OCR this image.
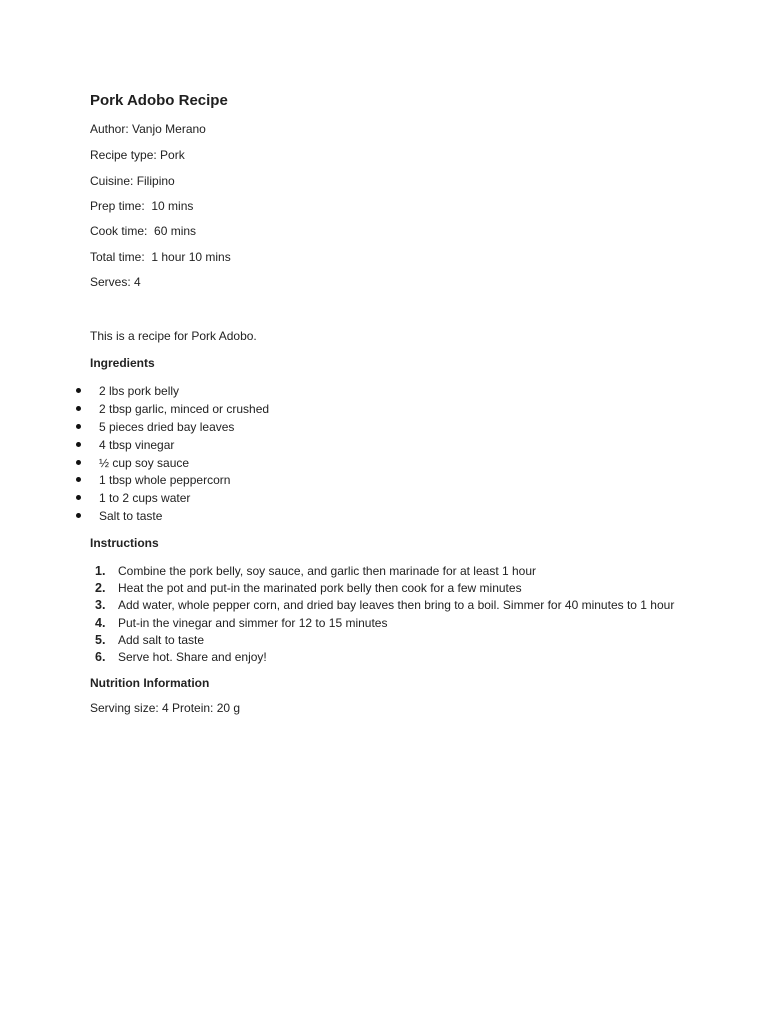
Pork Adobo Recipe
Author: Vanjo Merano
Recipe type: Pork
Cuisine: Filipino
Prep time:  10 mins
Cook time:  60 mins
Total time:  1 hour 10 mins
Serves: 4
This is a recipe for Pork Adobo.
Ingredients
2 lbs pork belly
2 tbsp garlic, minced or crushed
5 pieces dried bay leaves
4 tbsp vinegar
½ cup soy sauce
1 tbsp whole peppercorn
1 to 2 cups water
Salt to taste
Instructions
1. Combine the pork belly, soy sauce, and garlic then marinade for at least 1 hour
2. Heat the pot and put-in the marinated pork belly then cook for a few minutes
3. Add water, whole pepper corn, and dried bay leaves then bring to a boil. Simmer for 40 minutes to 1 hour
4. Put-in the vinegar and simmer for 12 to 15 minutes
5. Add salt to taste
6. Serve hot. Share and enjoy!
Nutrition Information
Serving size: 4 Protein: 20 g
